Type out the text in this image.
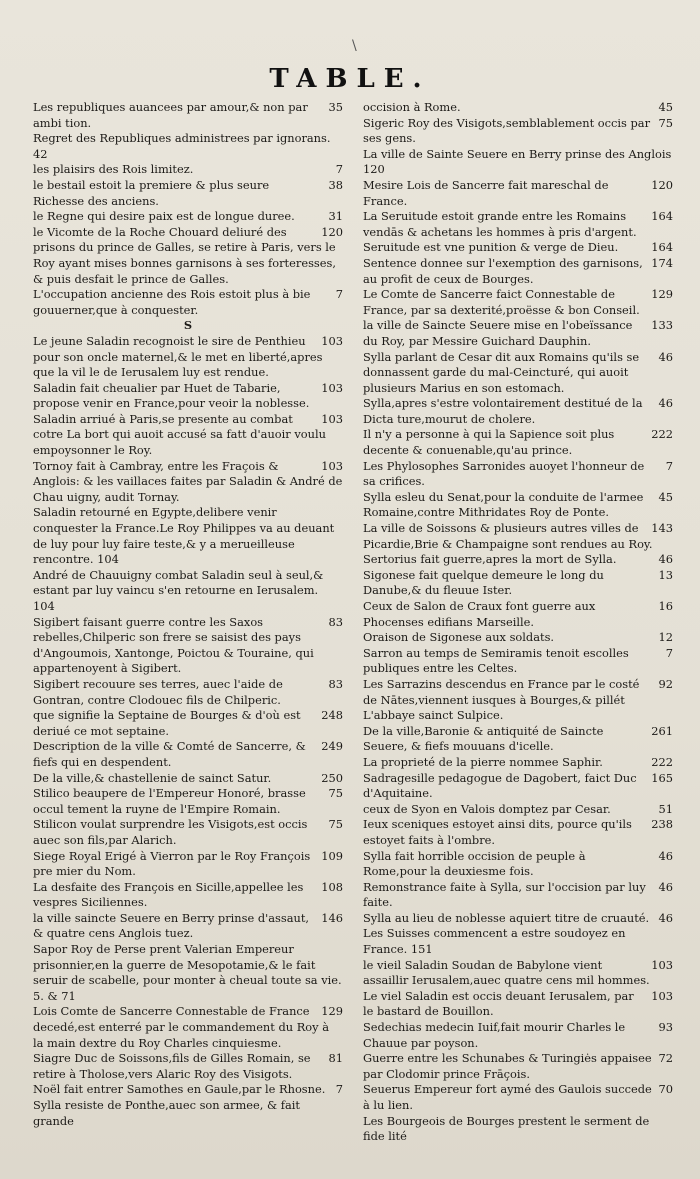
\
TABLE.
35
Les republiques auancees par amour,& non par ambi tion.
Regret des Republiques administrees par ignorans. 42
7
les plaisirs des Rois limitez.
38
le bestail estoit la premiere & plus seure Richesse des anciens.
31
le Regne qui desire paix est de longue duree.
120
le Vicomte de la Roche Chouard deliuré des prisons du prince de Galles, se retire à Paris, vers le Roy ayant mises bonnes garnisons à ses forteresses, & puis desfait le prince de Galles.
7
L'occupation ancienne des Rois estoit plus à bie gouuerner,que à conquester.
S
103
Le jeune Saladin recognoist le sire de Penthieu pour son oncle maternel,& le met en liberté,apres que la vil le de Ierusalem luy est rendue.
103
Saladin fait cheualier par Huet de Tabarie, propose venir en France,pour veoir la noblesse.
103
Saladin arriué à Paris,se presente au combat cotre La bort qui auoit accusé sa fatt d'auoir voulu empoysonner le Roy.
103
Tornoy fait à Cambray, entre les Fraçois & Anglois: & les vaillaces faites par Saladin & André de Chau uigny, audit Tornay.
Saladin retourné en Egypte,delibere venir conquester la France.Le Roy Philippes va au deuant de luy pour luy faire teste,& y a merueilleuse rencontre. 104
André de Chauuigny combat Saladin seul à seul,& estant par luy vaincu s'en retourne en Ierusalem. 104
83
Sigibert faisant guerre contre les Saxos rebelles,Chilperic son frere se saisist des pays d'Angoumois, Xantonge, Poictou & Touraine, qui appartenoyent à Sigibert.
83
Sigibert recouure ses terres, auec l'aide de Gontran, contre Clodouec fils de Chilperic.
248
que signifie la Septaine de Bourges & d'où est deriué ce mot septaine.
249
Description de la ville & Comté de Sancerre, & fiefs qui en despendent.
250
De la ville,& chastellenie de sainct Satur.
75
Stilico beaupere de l'Empereur Honoré, brasse occul tement la ruyne de l'Empire Romain.
75
Stilicon voulat surprendre les Visigots,est occis auec son fils,par Alarich.
109
Siege Royal Erigé à Vierron par le Roy François pre mier du Nom.
108
La desfaite des François en Sicille,appellee les vespres Siciliennes.
146
la ville saincte Seuere en Berry prinse d'assaut, & quatre cens Anglois tuez.
Sapor Roy de Perse prent Valerian Empereur prisonnier,en la guerre de Mesopotamie,& le fait seruir de scabelle, pour monter à cheual toute sa vie. 5. & 71
129
Lois Comte de Sancerre Connestable de France decedé,est enterré par le commandement du Roy à la main dextre du Roy Charles cinquiesme.
81
Siagre Duc de Soissons,fils de Gilles Romain, se retire à Tholose,vers Alaric Roy des Visigots.
7
Noël fait entrer Samothes en Gaule,par le Rhosne.
Sylla resiste de Ponthe,auec son armee, & fait grande
45
occision à Rome.
75
Sigeric Roy des Visigots,semblablement occis par ses gens.
La ville de Sainte Seuere en Berry prinse des Anglois 120
120
Mesire Lois de Sancerre fait mareschal de France.
164
La Seruitude estoit grande entre les Romains vendās & achetans les hommes à pris d'argent.
164
Seruitude est vne punition & verge de Dieu.
174
Sentence donnee sur l'exemption des garnisons, au profit de ceux de Bourges.
129
Le Comte de Sancerre faict Connestable de France, par sa dexterité,proësse & bon Conseil.
133
la ville de Saincte Seuere mise en l'obeïssance du Roy, par Messire Guichard Dauphin.
46
Sylla parlant de Cesar dit aux Romains qu'ils se donnassent garde du mal-Ceincturé, qui auoit plusieurs Marius en son estomach.
46
Sylla,apres s'estre volontairement destitué de la Dicta ture,mourut de cholere.
222
Il n'y a personne à qui la Sapience soit plus decente & conuenable,qu'au prince.
7
Les Phylosophes Sarronides auoyet l'honneur de sa crifices.
45
Sylla esleu du Senat,pour la conduite de l'armee Romaine,contre Mithridates Roy de Ponte.
143
La ville de Soissons & plusieurs autres villes de Picardie,Brie & Champaigne sont rendues au Roy.
46
Sertorius fait guerre,apres la mort de Sylla.
13
Sigonese fait quelque demeure le long du Danube,& du fleuue Ister.
16
Ceux de Salon de Craux font guerre aux Phocenses edifians Marseille.
12
Oraison de Sigonese aux soldats.
7
Sarron au temps de Semiramis tenoit escolles publiques entre les Celtes.
92
Les Sarrazins descendus en France par le costé de Nātes,viennent iusques à Bourges,& pillét L'abbaye sainct Sulpice.
261
De la ville,Baronie & antiquité de Saincte Seuere, & fiefs mouuans d'icelle.
222
La proprieté de la pierre nommee Saphir.
165
Sadragesille pedagogue de Dagobert, faict Duc d'Aquitaine.
51
ceux de Syon en Valois domptez par Cesar.
238
Ieux sceniques estoyet ainsi dits, pource qu'ils estoyet faits à l'ombre.
46
Sylla fait horrible occision de peuple à Rome,pour la deuxiesme fois.
46
Remonstrance faite à Sylla, sur l'occision par luy faite.
46
Sylla au lieu de noblesse aquiert titre de cruauté.
Les Suisses commencent a estre soudoyez en France. 151
103
le vieil Saladin Soudan de Babylone vient assaillir Ierusalem,auec quatre cens mil hommes.
103
Le viel Saladin est occis deuant Ierusalem, par le bastard de Bouillon.
93
Sedechias medecin Iuif,fait mourir Charles le Chauue par poyson.
72
Guerre entre les Schunabes & Turingiės appaisee par Clodomir prince Frāçois.
70
Seuerus Empereur fort aymé des Gaulois succede à lu lien.
Les Bourgeois de Bourges prestent le serment de fide lité
